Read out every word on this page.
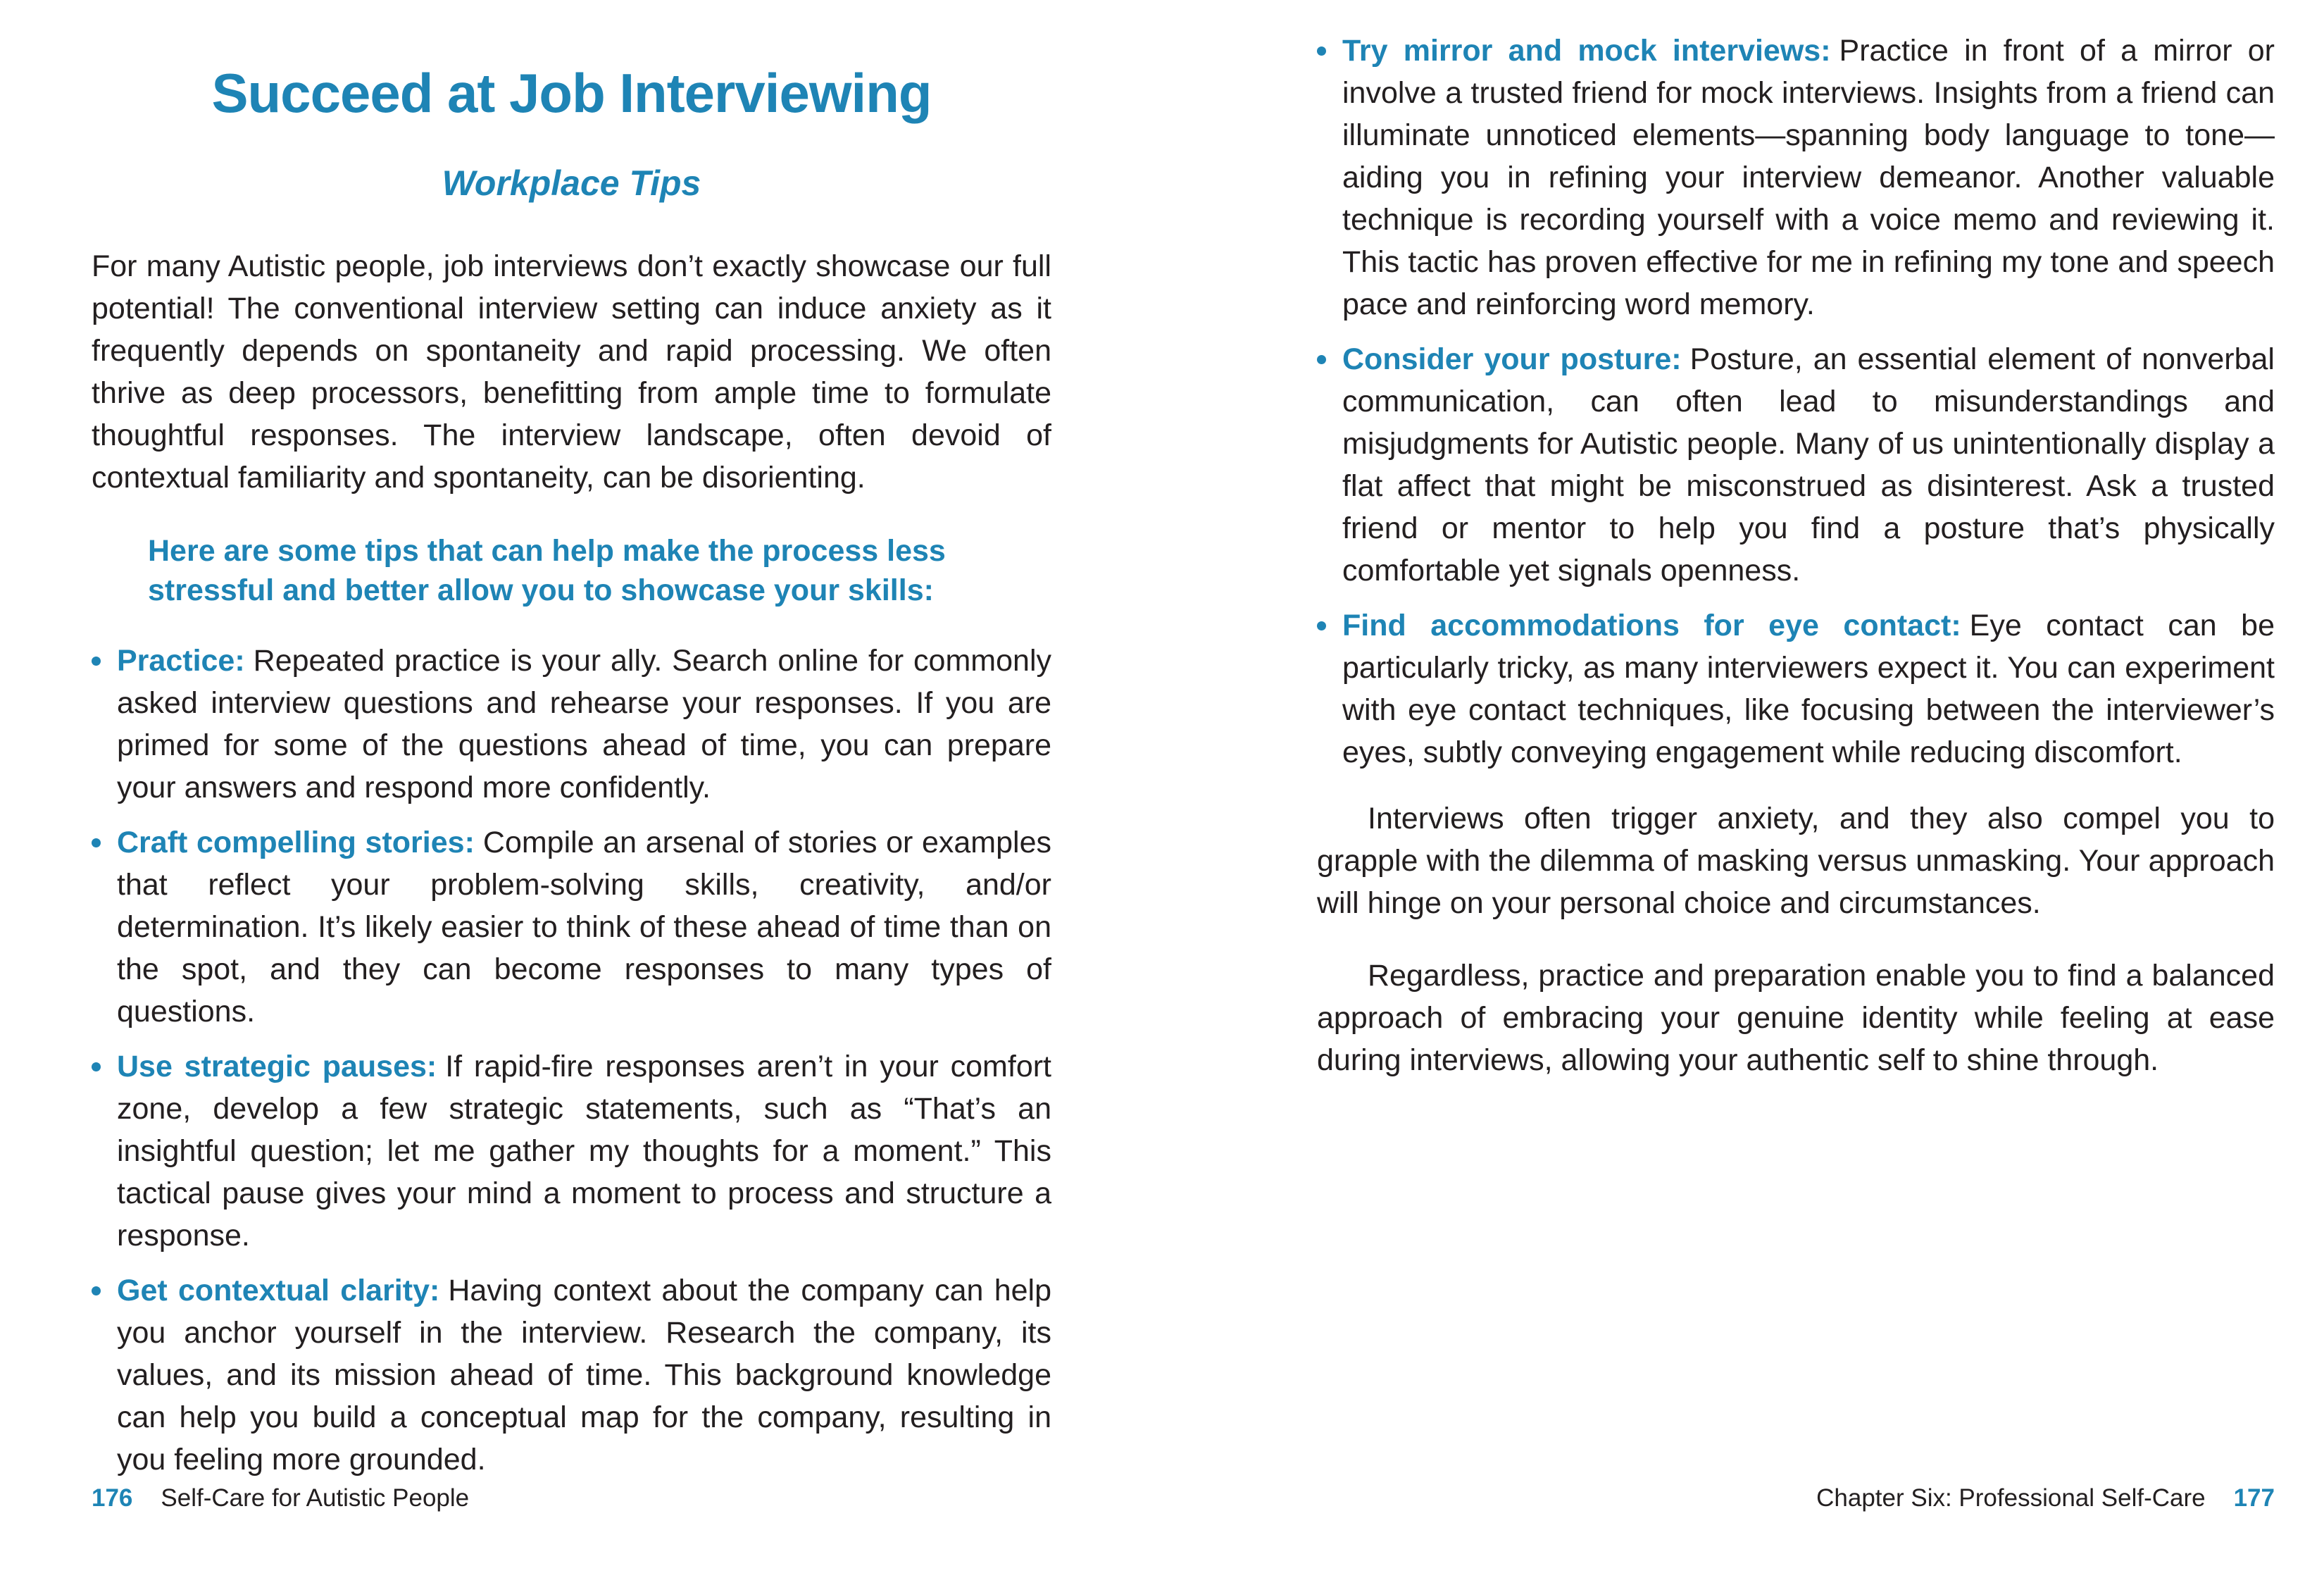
Succeed at Job Interviewing
Workplace Tips

For many Autistic people, job interviews don’t exactly showcase our full potential! The conventional interview setting can induce anxiety as it frequently depends on spontaneity and rapid processing. We often thrive as deep processors, benefitting from ample time to formulate thoughtful responses. The interview landscape, often devoid of contextual familiarity and spontaneity, can be disorienting.

Here are some tips that can help make the process less stressful and better allow you to showcase your skills:

Practice: Repeated practice is your ally. Search online for commonly asked interview questions and rehearse your responses. If you are primed for some of the questions ahead of time, you can prepare your answers and respond more confidently.
Craft compelling stories: Compile an arsenal of stories or examples that reflect your problem-solving skills, creativity, and/or determination. It’s likely easier to think of these ahead of time than on the spot, and they can become responses to many types of questions.
Use strategic pauses: If rapid-fire responses aren’t in your comfort zone, develop a few strategic statements, such as “That’s an insightful question; let me gather my thoughts for a moment.” This tactical pause gives your mind a moment to process and structure a response.
Get contextual clarity: Having context about the company can help you anchor yourself in the interview. Research the company, its values, and its mission ahead of time. This background knowledge can help you build a conceptual map for the company, resulting in you feeling more grounded.
Try mirror and mock interviews: Practice in front of a mirror or involve a trusted friend for mock interviews. Insights from a friend can illuminate unnoticed elements—spanning body language to tone—aiding you in refining your interview demeanor. Another valuable technique is recording yourself with a voice memo and reviewing it. This tactic has proven effective for me in refining my tone and speech pace and reinforcing word memory.
Consider your posture: Posture, an essential element of nonverbal communication, can often lead to misunderstandings and misjudgments for Autistic people. Many of us unintentionally display a flat affect that might be misconstrued as disinterest. Ask a trusted friend or mentor to help you find a posture that’s physically comfortable yet signals openness.
Find accommodations for eye contact: Eye contact can be particularly tricky, as many interviewers expect it. You can experiment with eye contact techniques, like focusing between the interviewer’s eyes, subtly conveying engagement while reducing discomfort.

Interviews often trigger anxiety, and they also compel you to grapple with the dilemma of masking versus unmasking. Your approach will hinge on your personal choice and circumstances.

Regardless, practice and preparation enable you to find a balanced approach of embracing your genuine identity while feeling at ease during interviews, allowing your authentic self to shine through.

176 Self-Care for Autistic People	Chapter Six: Professional Self-Care 177
